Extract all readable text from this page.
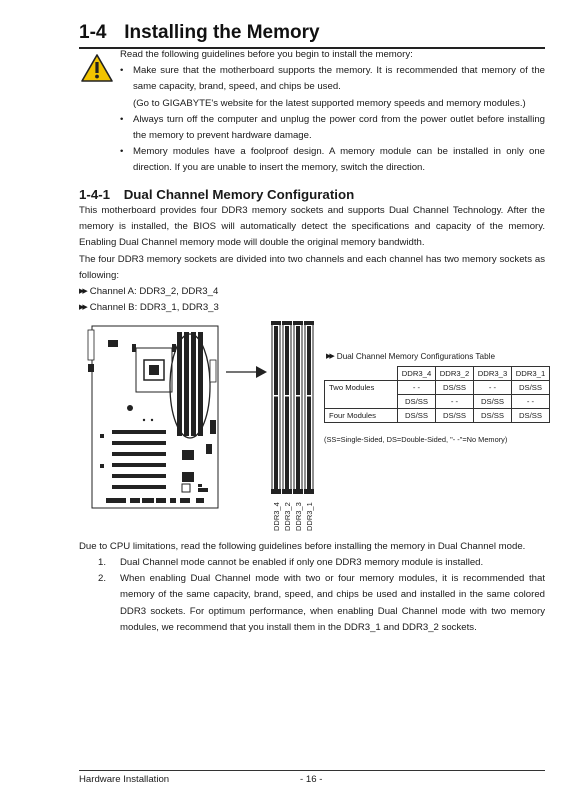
1-4 Installing the Memory
Read the following guidelines before you begin to install the memory:
• Make sure that the motherboard supports the memory. It is recommended that memory of the same capacity, brand, speed, and chips be used.
(Go to GIGABYTE's website for the latest supported memory speeds and memory modules.)
• Always turn off the computer and unplug the power cord from the power outlet before installing the memory to prevent hardware damage.
• Memory modules have a foolproof design. A memory module can be installed in only one direction. If you are unable to insert the memory, switch the direction.
1-4-1 Dual Channel Memory Configuration
This motherboard provides four DDR3 memory sockets and supports Dual Channel Technology. After the memory is installed, the BIOS will automatically detect the specifications and capacity of the memory. Enabling Dual Channel memory mode will double the original memory bandwidth.
The four DDR3 memory sockets are divided into two channels and each channel has two memory sockets as following:
▶▶ Channel A: DDR3_2, DDR3_4
▶▶ Channel B: DDR3_1, DDR3_3
DDR3_4 DDR3_2 DDR3_3 DDR3_1
▶▶ Dual Channel Memory Configurations Table
	DDR3_4	DDR3_2	DDR3_3	DDR3_1
Two Modules	- -	DS/SS	- -	DS/SS
	DS/SS	- -	DS/SS	- -
Four Modules	DS/SS	DS/SS	DS/SS	DS/SS
(SS=Single-Sided, DS=Double-Sided, "- -"=No Memory)
Due to CPU limitations, read the following guidelines before installing the memory in Dual Channel mode.
1. Dual Channel mode cannot be enabled if only one DDR3 memory module is installed.
2. When enabling Dual Channel mode with two or four memory modules, it is recommended that memory of the same capacity, brand, speed, and chips be used and installed in the same colored DDR3 sockets. For optimum performance, when enabling Dual Channel mode with two memory modules, we recommend that you install them in the DDR3_1 and DDR3_2 sockets.
Hardware Installation	- 16 -
